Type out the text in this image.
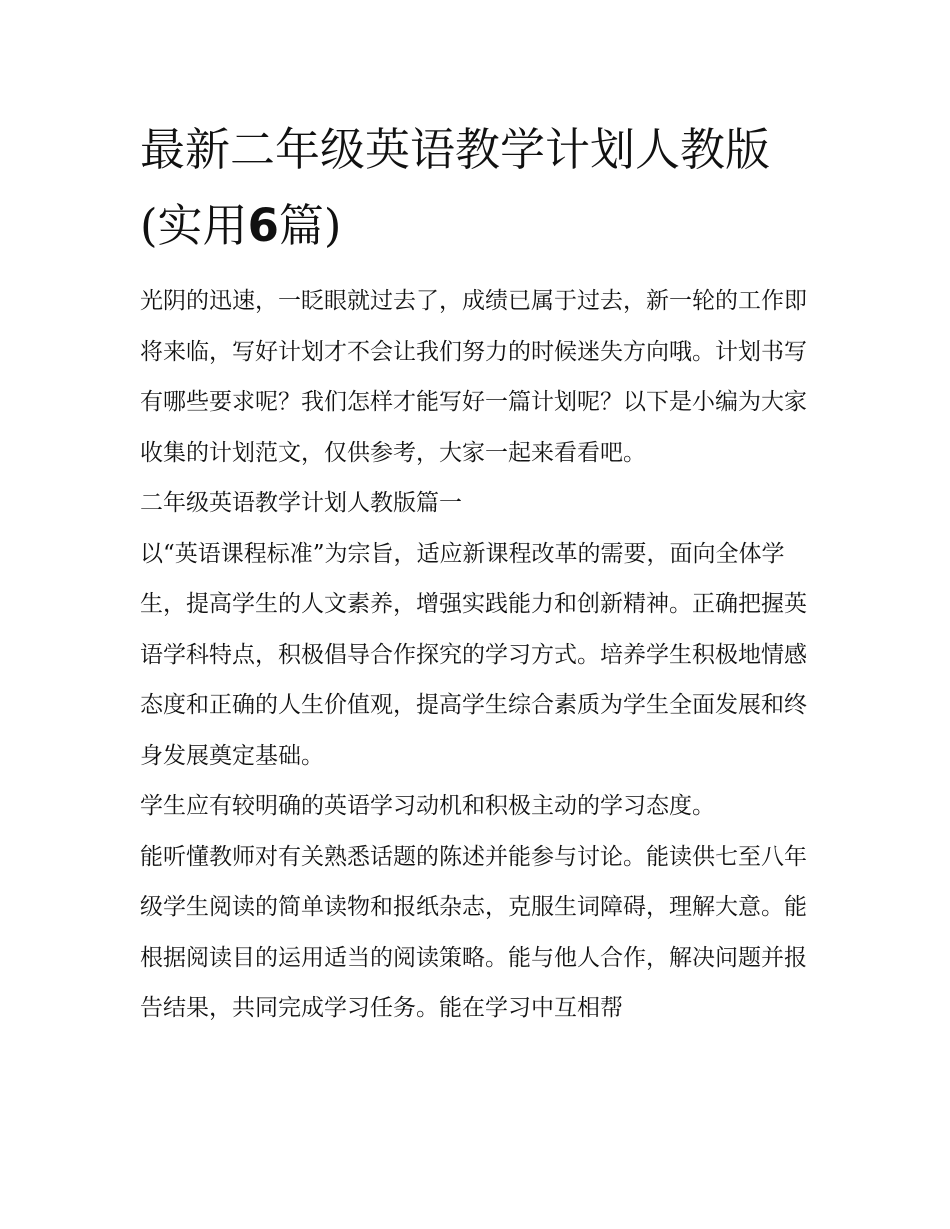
最新二年级英语教学计划人教版(实用6篇)

光阴的迅速，一眨眼就过去了，成绩已属于过去，新一轮的工作即将来临，写好计划才不会让我们努力的时候迷失方向哦。计划书写有哪些要求呢？我们怎样才能写好一篇计划呢？以下是小编为大家收集的计划范文，仅供参考，大家一起来看看吧。

二年级英语教学计划人教版篇一

以“英语课程标准”为宗旨，适应新课程改革的需要，面向全体学生，提高学生的人文素养，增强实践能力和创新精神。正确把握英语学科特点，积极倡导合作探究的学习方式。培养学生积极地情感态度和正确的人生价值观，提高学生综合素质为学生全面发展和终身发展奠定基础。

学生应有较明确的英语学习动机和积极主动的学习态度。

能听懂教师对有关熟悉话题的陈述并能参与讨论。能读供七至八年级学生阅读的简单读物和报纸杂志，克服生词障碍，理解大意。能根据阅读目的运用适当的阅读策略。能与他人合作，解决问题并报告结果，共同完成学习任务。能在学习中互相帮
